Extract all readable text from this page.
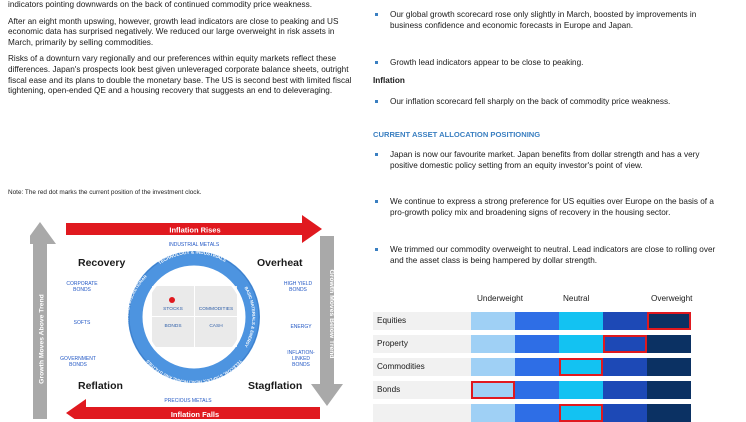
indicators pointing downwards on the back of continued commodity price weakness.

After an eight month upswing, however, growth lead indicators are close to peaking and US economic data has surprised negatively. We reduced our large overweight in risk assets in March, primarily by selling commodities.

Risks of a downturn vary regionally and our preferences within equity markets reflect these differences. Japan's prospects look best given unleveraged corporate balance sheets, outright fiscal ease and its plans to double the monetary base. The US is second best with limited fiscal tightening, open-ended QE and a housing recovery that suggests an end to deleveraging.

Note: The red dot marks the current position of the investment clock.
Inflation Rises
Inflation Falls
Growth Moves Above Trend	Growth Moves Below Trend
STOCKS	COMMODITIES
BONDS	CASH
TECHNOLOGY & INDUSTRIALS
BASIC MATERIALS & ENERGY
TELECOM, STAPLES, HEALTHCARE AND UTILITIES
INANCIALS & CONSUMER DISCRETIONAR
Recovery	Overheat
Reflation	Stagflation
INDUSTRIAL METALS
PRECIOUS METALS
CORPORATE BONDS
SOFTS
GOVERNMENT BONDS
HIGH YIELD BONDS
ENERGY
INFLATION-LINKED BONDS
Our global growth scorecard rose only slightly in March, boosted by improvements in business confidence and economic forecasts in Europe and Japan.
Growth lead indicators appear to be close to peaking.
Inflation
Our inflation scorecard fell sharply on the back of commodity price weakness.
CURRENT ASSET ALLOCATION POSITIONING
Japan is now our favourite market. Japan benefits from dollar strength and has a very positive domestic policy setting from an equity investor's point of view.
We continue to express a strong preference for US equities over Europe on the basis of a pro-growth policy mix and broadening signs of recovery in the housing sector.
We trimmed our commodity overweight to neutral. Lead indicators are close to rolling over and the asset class is being hampered by dollar strength.
Underweight	Neutral	Overweight
Equities
Property
Commodities
Bonds
